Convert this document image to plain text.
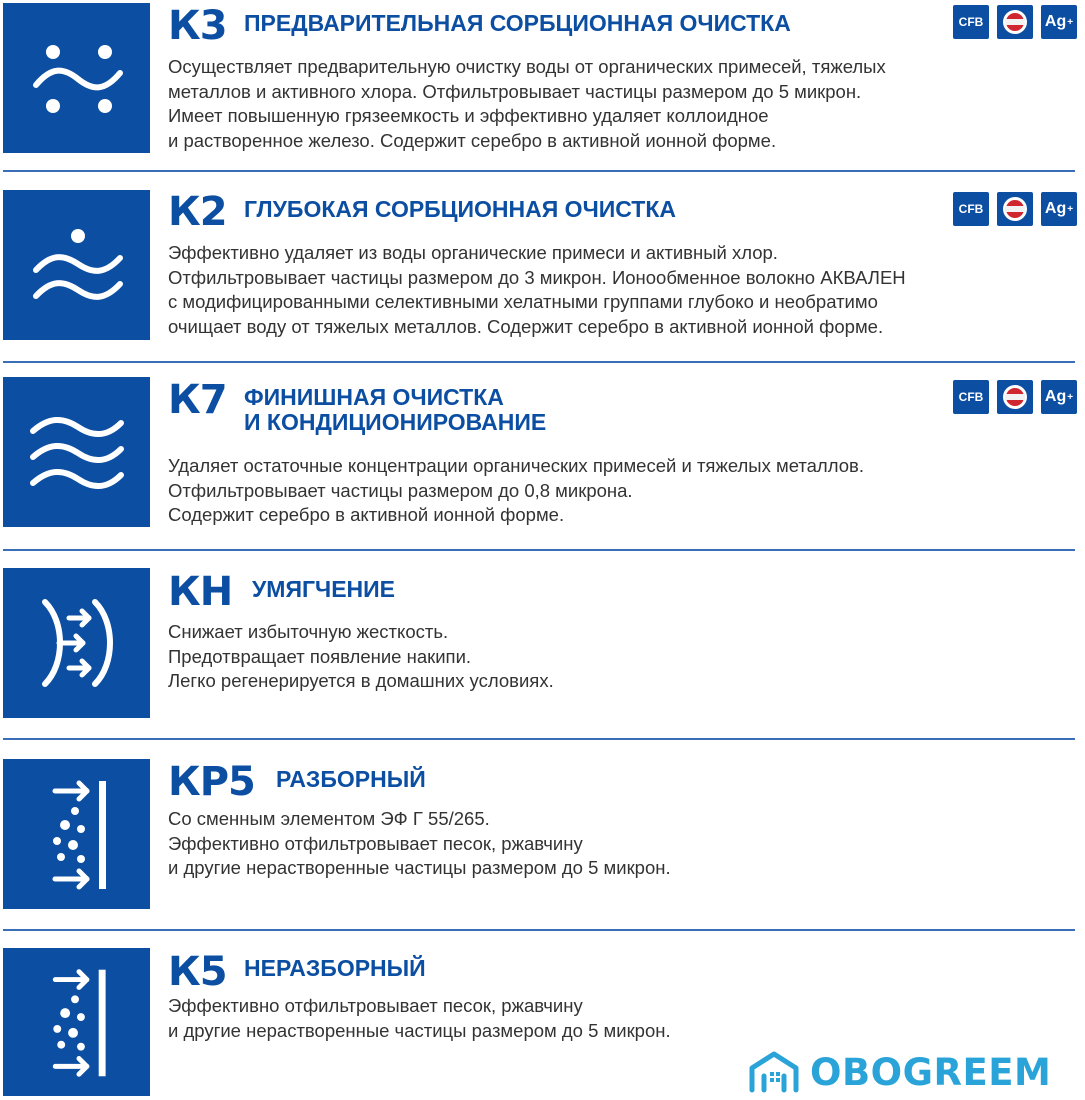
К3 ПРЕДВАРИТЕЛЬНАЯ СОРБЦИОННАЯ ОЧИСТКА	CFB	Ag +
Осуществляет предварительную очистку воды от органических примесей, тяжелых
металлов и активного хлора. Отфильтровывает частицы размером до 5 микрон.
Имеет повышенную грязеемкость и эффективно удаляет коллоидное
и растворенное железо. Содержит серебро в активной ионной форме.
К2 ГЛУБОКАЯ СОРБЦИОННАЯ ОЧИСТКА	CFB	Ag +
Эффективно удаляет из воды органические примеси и активный хлор.
Отфильтровывает частицы размером до 3 микрон. Ионообменное волокно АКВАЛЕН
с модифицированными селективными хелатными группами глубоко и необратимо
очищает воду от тяжелых металлов. Содержит серебро в активной ионной форме.
К7 ФИНИШНАЯ ОЧИСТКА
И КОНДИЦИОНИРОВАНИЕ
CFB	Ag +
Удаляет остаточные концентрации органических примесей и тяжелых металлов.
Отфильтровывает частицы размером до 0,8 микрона.
Содержит серебро в активной ионной форме.
КН УМЯГЧЕНИЕ
Снижает избыточную жесткость.
Предотвращает появление накипи.
Легко регенерируется в домашних условиях.
КР5 РАЗБОРНЫЙ
Со сменным элементом ЭФ Г 55/265.
Эффективно отфильтровывает песок, ржавчину
и другие нерастворенные частицы размером до 5 микрон.
К5 НЕРАЗБОРНЫЙ
Эффективно отфильтровывает песок, ржавчину
и другие нерастворенные частицы размером до 5 микрон.
OBOGREEM
